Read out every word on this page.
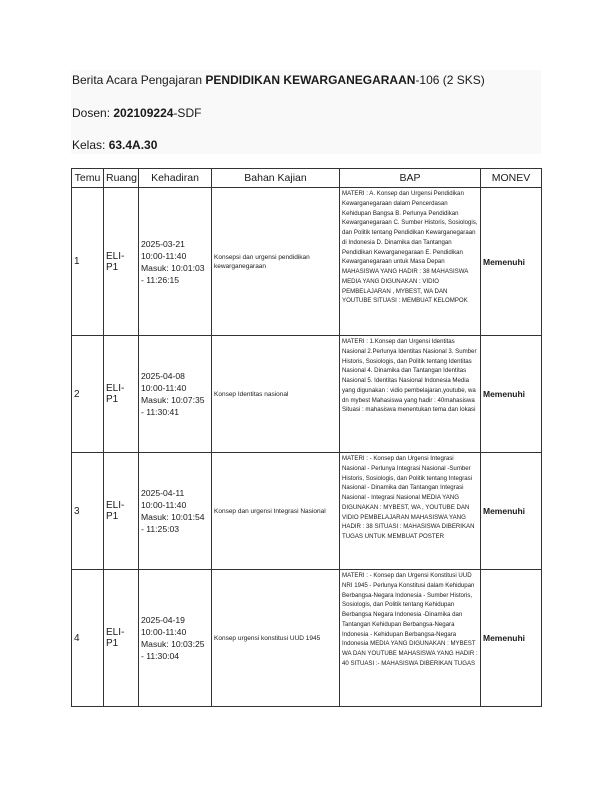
Berita Acara Pengajaran PENDIDIKAN KEWARGANEGARAAN-106 (2 SKS)
Dosen: 202109224-SDF
Kelas: 63.4A.30
Temu	Ruang	Kehadiran	Bahan Kajian	BAP	MONEV
1	ELI-P1	2025-03-21 10:00-11:40 Masuk: 10:01:03 - 11:26:15	Konsepsi dan urgensi pendidikan kewarganegaraan	MATERI : A. Konsep dan Urgensi Pendidikan Kewarganegaraan dalam Pencerdasan Kehidupan Bangsa B. Perlunya Pendidikan Kewarganegaraan C. Sumber Historis, Sosiologis, dan Politik tentang Pendidikan Kewarganegaraan di Indonesia D. Dinamika dan Tantangan Pendidikan Kewarganegaraan E. Pendidikan Kewarganegaraan untuk Masa Depan MAHASISWA YANG HADIR : 38 MAHASISWA MEDIA YANG DIGUNAKAN : VIDIO PEMBELAJARAN , MYBEST, WA DAN YOUTUBE SITUASI : MEMBUAT KELOMPOK	Memenuhi
2	ELI-P1	2025-04-08 10:00-11:40 Masuk: 10:07:35 - 11:30:41	Konsep Identitas nasional	MATERI : 1.Konsep dan Urgensi Identitas Nasional 2.Perlunya Identitas Nasional 3. Sumber Historis, Sosiologis, dan Politik tentang Identitas Nasional 4. Dinamika dan Tantangan Identitas Nasional 5. Identitas Nasional Indonesia Media yang digunakan : vidio pembelajaran,youtube, wa dn mybest Mahasiswa yang hadir : 40mahasiswa Situasi : mahasiswa menentukan tema dan lokasi	Memenuhi
3	ELI-P1	2025-04-11 10:00-11:40 Masuk: 10:01:54 - 11:25:03	Konsep dan urgensi Integrasi Nasional	MATERI : - Konsep dan Urgensi Integrasi Nasional - Perlunya Integrasi Nasional -Sumber Historis, Sosiologis, dan Politik tentang Integrasi Nasional - Dinamika dan Tantangan Integrasi Nasional - Integrasi Nasional MEDIA YANG DIGUNAKAN : MYBEST, WA , YOUTUBE DAN VIDIO PEMBELAJARAN MAHASISWA YANG HADIR : 38 SITUASI : MAHASISWA DIBERIKAN TUGAS UNTUK MEMBUAT POSTER	Memenuhi
4	ELI-P1	2025-04-19 10:00-11:40 Masuk: 10:03:25 - 11:30:04	Konsep urgensi konstitusi UUD 1945	MATERI : - Konsep dan Urgensi Konstitusi UUD NRI 1945 - Perlunya Konstitusi dalam Kehidupan Berbangsa-Negara Indonesia - Sumber Historis, Sosiologis, dan Politik tentang Kehidupan Berbangsa Negara Indonesia -Dinamika dan Tantangan Kehidupan Berbangsa-Negara Indonesia - Kehidupan Berbangsa-Negara Indonesia MEDIA YANG DIGUNAKAN : MYBEST WA DAN YOUTUBE MAHASISWA YANG HADIR : 40 SITUASI :- MAHASISWA DIBERIKAN TUGAS	Memenuhi
